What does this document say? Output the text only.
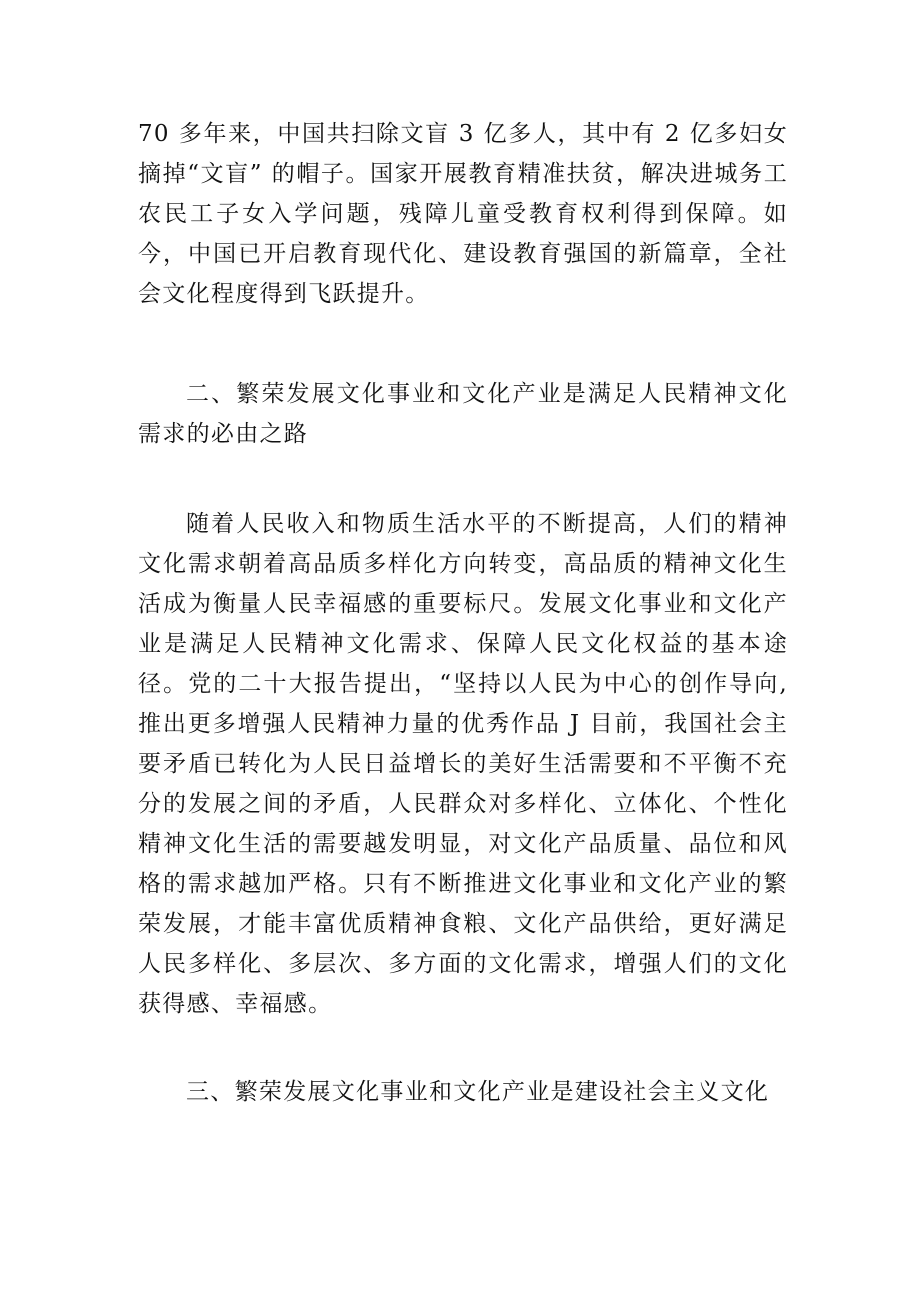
70 多年来，中国共扫除文盲 3 亿多人，其中有 2 亿多妇女摘掉“文盲” 的帽子。国家开展教育精准扶贫，解决进城务工农民工子女入学问题，残障儿童受教育权利得到保障。如今，中国已开启教育现代化、建设教育强国的新篇章，全社会文化程度得到飞跃提升。

二、繁荣发展文化事业和文化产业是满足人民精神文化需求的必由之路

随着人民收入和物质生活水平的不断提高，人们的精神文化需求朝着高品质多样化方向转变，高品质的精神文化生活成为衡量人民幸福感的重要标尺。发展文化事业和文化产业是满足人民精神文化需求、保障人民文化权益的基本途径。党的二十大报告提出，“坚持以人民为中心的创作导向,推出更多增强人民精神力量的优秀作品 J 目前，我国社会主要矛盾已转化为人民日益增长的美好生活需要和不平衡不充分的发展之间的矛盾，人民群众对多样化、立体化、个性化精神文化生活的需要越发明显，对文化产品质量、品位和风格的需求越加严格。只有不断推进文化事业和文化产业的繁荣发展，才能丰富优质精神食粮、文化产品供给，更好满足人民多样化、多层次、多方面的文化需求，增强人们的文化获得感、幸福感。

三、繁荣发展文化事业和文化产业是建设社会主义文化
